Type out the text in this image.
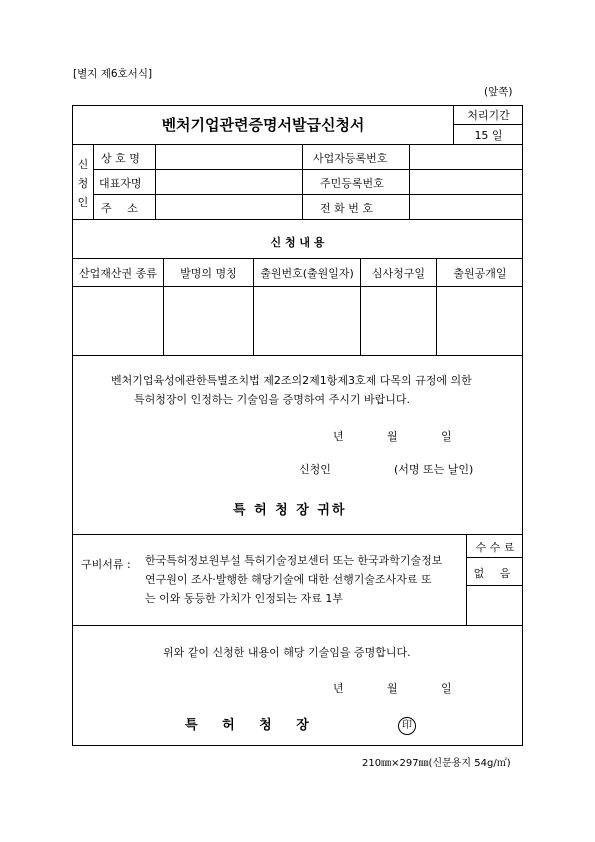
[별지 제6호서식]
(앞쪽)
벤처기업관련증명서발급신청서
처리기간
15 일
신
청
인
상 호 명	사업자등록번호
대표자명	주민등록번호
주 소	전 화 번 호
신 청 내 용
산업재산권 종류	발명의 명칭	출원번호(출원일자)	심사청구일	출원공개일
벤처기업육성에관한특별조치법 제2조의2제1항제3호제 다목의 규정에 의한
특허청장이 인정하는 기술임을 증명하여 주시기 바랍니다.
년	월	일
신청인	(서명 또는 날인)
특 허 청 장 귀하
구비서류 : 한국특허정보원부설 특허기술정보센터 또는 한국과학기술정보
연구원이 조사·발행한 해당기술에 대한 선행기술조사자료 또
는 이와 동등한 가치가 인정되는 자료 1부
수 수 료
없 음
위와 같이 신청한 내용이 해당 기술임을 증명합니다.
년	월	일
특 허 청 장	印
210㎜×297㎜(신문용지 54g/㎡)
